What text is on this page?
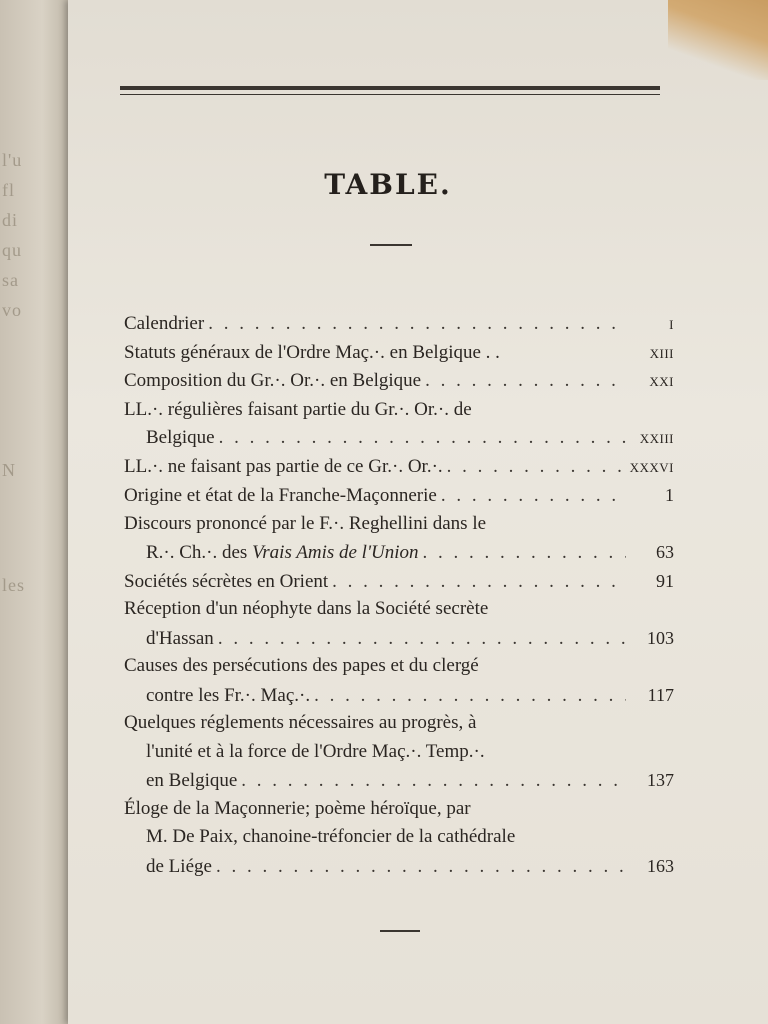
l'u
fl
di
qu
sa
vo
N
les
TABLE.
Calendrier . . .	I
Statuts généraux de l'Ordre Maç.·. en Belgique . .	XIII
Composition du Gr.·. Or.·. en Belgique . . .	XXI
LL.·. régulières faisant partie du Gr.·. Or.·. de
Belgique . . .	XXIII
LL.·. ne faisant pas partie de ce Gr.·. Or.·. . . .	XXXVI
Origine et état de la Franche-Maçonnerie . . .	1
Discours prononcé par le F.·. Reghellini dans le
R.·. Ch.·. des Vrais Amis de l'Union . . .	63
Sociétés sécrètes en Orient . . .	91
Réception d'un néophyte dans la Société secrète
d'Hassan . . .	103
Causes des persécutions des papes et du clergé
contre les Fr.·. Maç.·. . . .	117
Quelques réglements nécessaires au progrès, à
l'unité et à la force de l'Ordre Maç.·. Temp.·.
en Belgique . . .	137
Éloge de la Maçonnerie; poème héroïque, par
M. De Paix, chanoine-tréfoncier de la cathédrale
de Liége . . .	163
